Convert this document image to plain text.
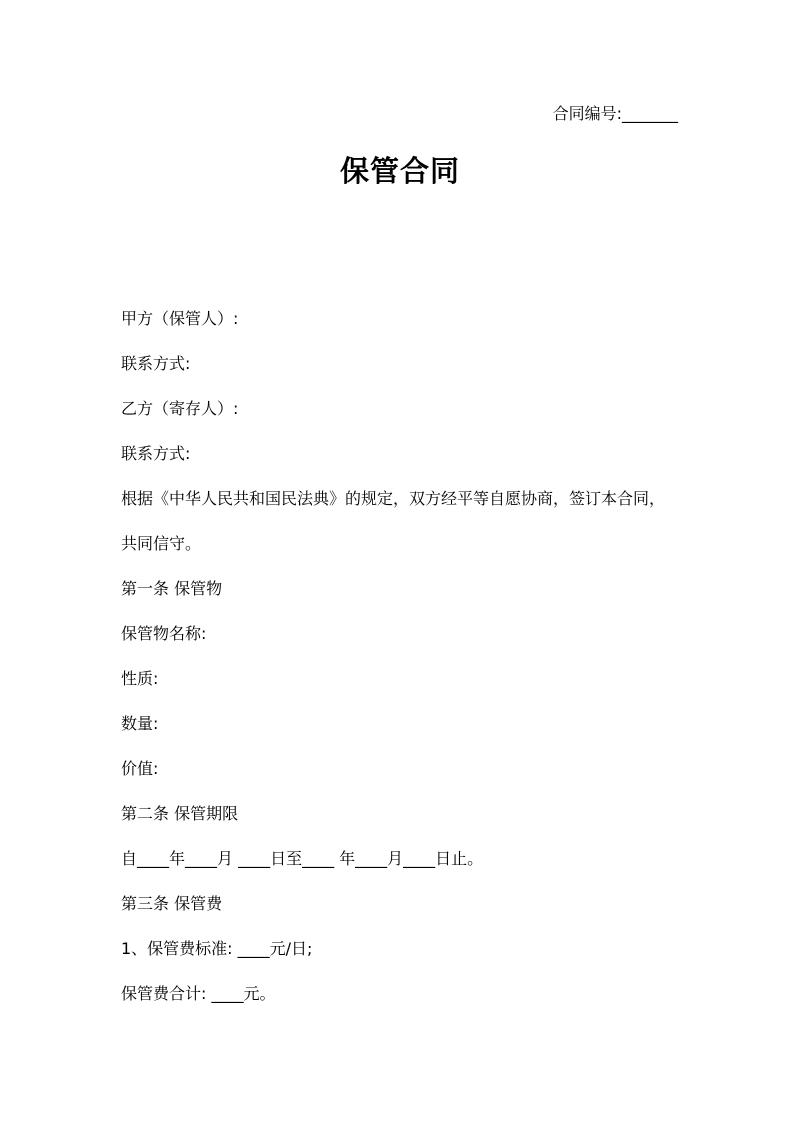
合同编号:_______
保管合同
甲方（保管人）:
联系方式:
乙方（寄存人）:
联系方式:
根据《中华人民共和国民法典》的规定，双方经平等自愿协商，签订本合同，
共同信守。
第一条 保管物
保管物名称:
性质:
数量:
价值:
第二条 保管期限
自____年____月 ____日至____ 年____月____日止。
第三条 保管费
1、保管费标准: ____元/日;
保管费合计: ____元。
